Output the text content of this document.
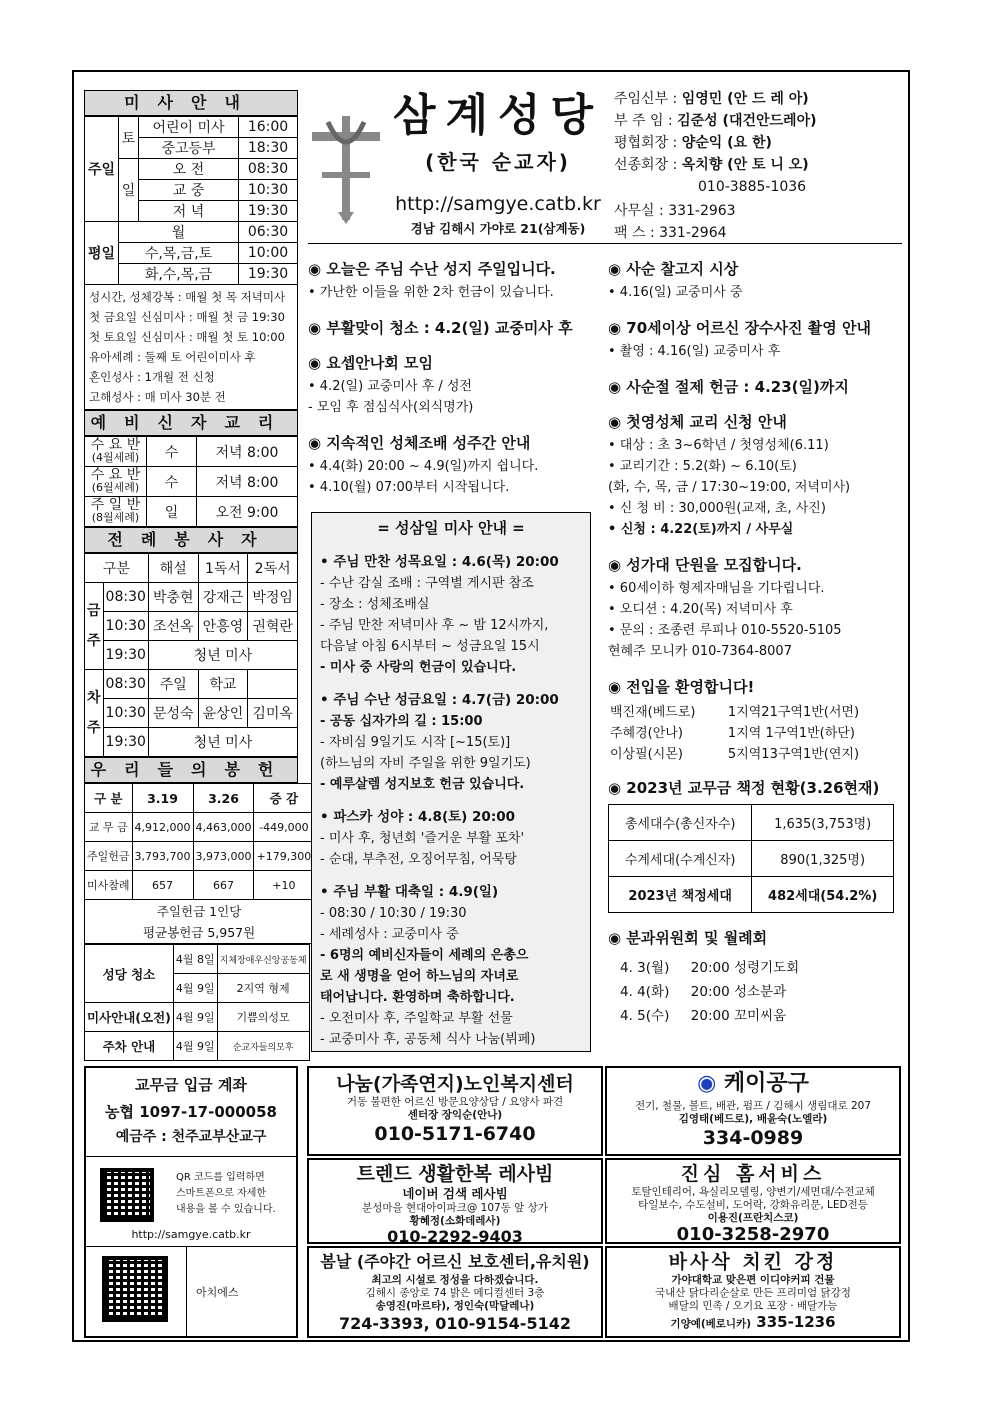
미사안내
주일	토	어린이 미사	16:00
		중고등부	18:30
	일	오 전	08:30
		교 중	10:30
		저 녁	19:30
평일	월		06:30
	수,목,금,토		10:00
	화,수,목,금		19:30
성시간, 성체강복 : 매월 첫 목 저녁미사
첫 금요일 신심미사 : 매월 첫 금 19:30
첫 토요일 신심미사 : 매월 첫 토 10:00
유아세례 : 둘째 토 어린이미사 후
혼인성사 : 1개월 전 신청
고해성사 : 매 미사 30분 전
예비신자교리
수 요 반
(4월세례)	수	저녁 8:00
수 요 반
(6월세례)	수	저녁 8:00
주 일 반
(8월세례)	일	오전 9:00
전례봉사자
구분		해설	1독서	2독서
금주	08:30	박충현	강재근	박정임
	10:30	조선옥	안흥영	권혁란
	19:30	청년 미사		
차주	08:30	주일	학교	
	10:30	문성숙	윤상인	김미옥
	19:30	청년 미사		
우리들의봉헌
구 분	3.19	3.26	증 감
교 무 금	4,912,000	4,463,000	-449,000
주일헌금	3,793,700	3,973,000	+179,300
미사참례	657	667	+10
주일헌금 1인당			
평균봉헌금 5,957원			
성당 청소	4월 8일	지체장애우신앙공동체
	4월 9일	2지역 형제
미사안내(오전)	4월 9일	기쁨의성모
주차 안내	4월 9일	순교자들의모후
삼계성당
(한국 순교자)
http://samgye.catb.kr
경남 김해시 가야로 21(삼계동)
주임신부 : 임영민 (안 드 레 아)
부 주 임 : 김준성 (대건안드레아)
평협회장 : 양순익 (요 한)
선종회장 : 옥치향 (안 토 니 오)
010-3885-1036
사무실 : 331-2963
팩 스 : 331-2964
◉ 오늘은 주님 수난 성지 주일입니다.

• 가난한 이들을 위한 2차 헌금이 있습니다.

◉ 부활맞이 청소 : 4.2(일) 교중미사 후
◉ 요셉안나회 모임

• 4.2(일) 교중미사 후 / 성전

- 모임 후 점심식사(외식명가)

◉ 지속적인 성체조배 성주간 안내

• 4.4(화) 20:00 ~ 4.9(일)까지 쉽니다.

• 4.10(월) 07:00부터 시작됩니다.

= 성삼일 미사 안내 =
• 주님 만찬 성목요일 : 4.6(목) 20:00

- 수난 감실 조배 : 구역별 게시판 참조

- 장소 : 성체조배실

- 주님 만찬 저녁미사 후 ~ 밤 12시까지,

다음날 아침 6시부터 ~ 성금요일 15시

- 미사 중 사랑의 헌금이 있습니다.

• 주님 수난 성금요일 : 4.7(금) 20:00

- 공동 십자가의 길 : 15:00

- 자비심 9일기도 시작 [~15(토)]

(하느님의 자비 주일을 위한 9일기도)

- 예루살렘 성지보호 헌금 있습니다.

• 파스카 성야 : 4.8(토) 20:00

- 미사 후, 청년회 '즐거운 부활 포차'

- 순대, 부추전, 오징어무침, 어묵탕

• 주님 부활 대축일 : 4.9(일)

- 08:30 / 10:30 / 19:30

- 세례성사 : 교중미사 중

- 6명의 예비신자들이 세례의 은총으

로 새 생명을 얻어 하느님의 자녀로

태어납니다. 환영하며 축하합니다.

- 오전미사 후, 주일학교 부활 선물

- 교중미사 후, 공동체 식사 나눔(뷔페)

◉ 사순 찰고지 시상

• 4.16(일) 교중미사 중

◉ 70세이상 어르신 장수사진 촬영 안내

• 촬영 : 4.16(일) 교중미사 후

◉ 사순절 절제 헌금 : 4.23(일)까지
◉ 첫영성체 교리 신청 안내

• 대상 : 초 3~6학년 / 첫영성체(6.11)

• 교리기간 : 5.2(화) ~ 6.10(토)

(화, 수, 목, 금 / 17:30~19:00, 저녁미사)

• 신 청 비 : 30,000원(교재, 초, 사진)

• 신청 : 4.22(토)까지 / 사무실

◉ 성가대 단원을 모집합니다.

• 60세이하 형제자매님을 기다립니다.

• 오디션 : 4.20(목) 저녁미사 후

• 문의 : 조종련 루피나 010-5520-5105

현혜주 모니카 010-7364-8007

◉ 전입을 환영합니다!
백진재(베드로)	1지역21구역1반(서면)
주혜경(안나)	1지역 1구역1반(하단)
이상필(시몬)	5지역13구역1반(연지)
◉ 2023년 교무금 책정 현황(3.26현재)
총세대수(총신자수)	1,635(3,753명)
수계세대(수계신자)	890(1,325명)
2023년 책정세대	482세대(54.2%)
◉ 분과위원회 및 월례회
4. 3(월)	20:00 성령기도회
4. 4(화)	20:00 성소분과
4. 5(수)	20:00 꼬미씨움
교무금 입금 계좌
농협 1097-17-000058
예금주 : 천주교부산교구
QR 코드를 입력하면
스마트폰으로 자세한
내용을 볼 수 있습니다.
http://samgye.catb.kr
아치에스
나눔(가족연지)노인복지센터
거동 불편한 어르신 방문요양상담 / 요양사 파견
센터장 장익순(안나)
010-5171-6740
◉ 케이공구
전기, 철물, 볼트, 배관, 펌프 / 김해시 생림대로 207
김영태(베드로), 배윤숙(노엘라)
334-0989
트렌드 생활한복 레사빔
네이버 검색 레사빔
분성마을 현대아이파크@ 107동 앞 상가
황혜정(소화데레사)
010-2292-9403
진심 홈서비스
토탈인테리어, 욕실리모델링, 양변기/세면대/수전교체
타일보수, 수도설비, 도어락, 강화유리문, LED전등
이용진(프란치스코)
010-3258-2970
봄날 (주야간 어르신 보호센터,유치원)
최고의 시설로 정성을 다하겠습니다.
김해시 종앙로 74 밝은 메디컬센터 3층
송영진(마르타), 정인숙(막달레나)
724-3393, 010-9154-5142
바사삭 치킨 강정
가야대학교 맞은편 이디야커피 건물
국내산 닭다리순살로 만든 프리미엄 닭강정
배달의 민족 / 오기요 포장 · 배달가능
기양예(베로니카) 335-1236
